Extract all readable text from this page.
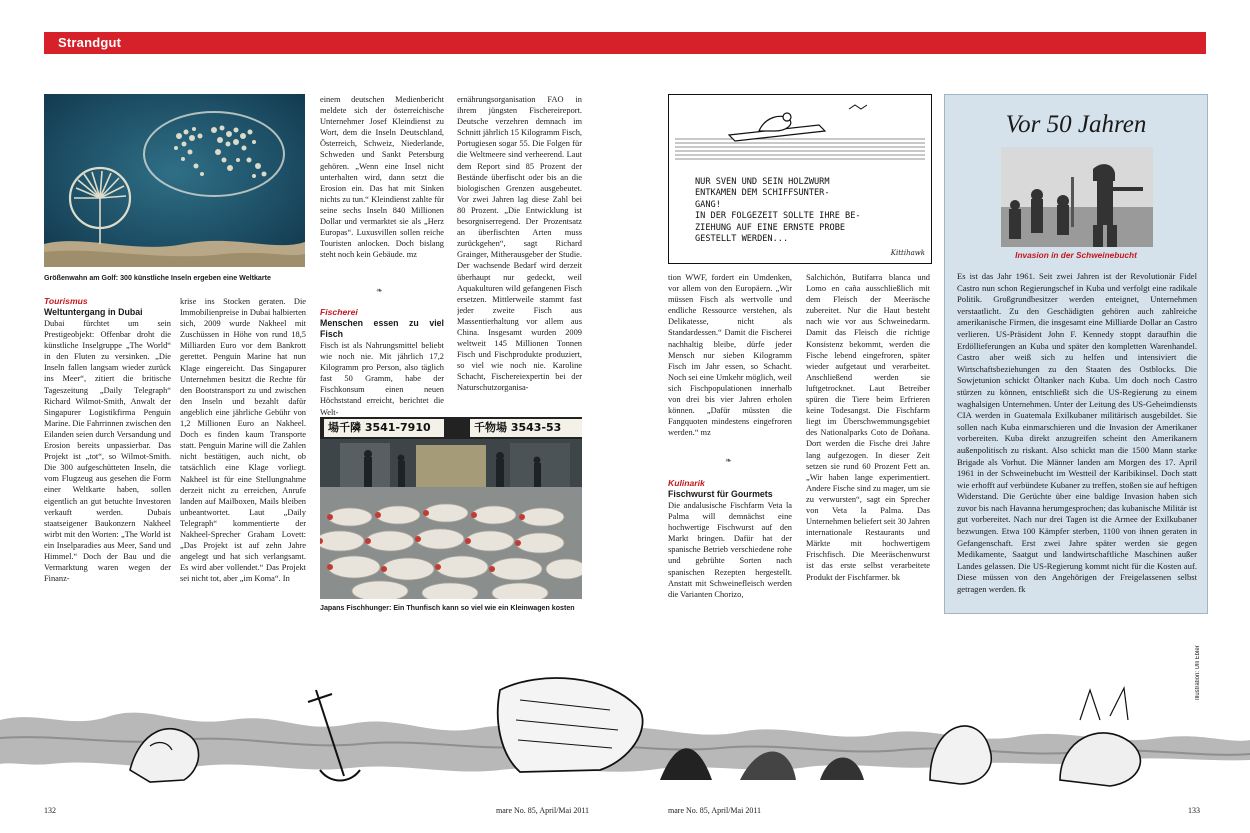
Strandgut
Größenwahn am Golf: 300 künstliche Inseln ergeben eine Weltkarte

Tourismus

Weltuntergang in Dubai

Dubai fürchtet um sein Prestigeobjekt: Offenbar droht die künstliche Inselgruppe „The World“ in den Fluten zu versinken. „Die Inseln fallen langsam wieder zurück ins Meer“, zitiert die britische Tageszeitung „Daily Telegraph“ Richard Wilmot-Smith, Anwalt der Singapurer Logistikfirma Penguin Marine. Die Fahrrinnen zwischen den Eilanden seien durch Versandung und Erosion bereits unpassierbar. Das Projekt ist „tot“, so Wilmot-Smith. Die 300 aufgeschütteten Inseln, die vom Flugzeug aus gesehen die Form einer Weltkarte haben, sollen eigentlich an gut betuchte Investoren verkauft werden. Dubais staatseigener Baukonzern Nakheel wirbt mit den Worten: „The World ist ein Inselparadies aus Meer, Sand und Himmel.“ Doch der Bau und die Vermarktung waren wegen der Finanz-

krise ins Stocken geraten. Die Immobilienpreise in Dubai halbierten sich, 2009 wurde Nakheel mit Zuschüssen in Höhe von rund 18,5 Milliarden Euro vor dem Bankrott gerettet. Penguin Marine hat nun Klage eingereicht. Das Singapurer Unternehmen besitzt die Rechte für den Bootstransport zu und zwischen den Inseln und bezahlt dafür angeblich eine jährliche Gebühr von 1,2 Millionen Euro an Nakheel. Doch es finden kaum Transporte statt. Penguin Marine will die Zahlen nicht bestätigen, auch nicht, ob tatsächlich eine Klage vorliegt. Nakheel ist für eine Stellungnahme derzeit nicht zu erreichen, Anrufe landen auf Mailboxen, Mails bleiben unbeantwortet. Laut „Daily Telegraph“ kommentierte der Nakheel-Sprecher Graham Lovett: „Das Projekt ist auf zehn Jahre angelegt und hat sich verlangsamt. Es wird aber vollendet.“ Das Projekt sei nicht tot, aber „im Koma“. In

einem deutschen Medienbericht meldete sich der österreichische Unternehmer Josef Kleindienst zu Wort, dem die Inseln Deutschland, Österreich, Schweiz, Niederlande, Schweden und Sankt Petersburg gehören. „Wenn eine Insel nicht unterhalten wird, dann setzt die Erosion ein. Das hat mit Sinken nichts zu tun.“ Kleindienst zahlte für seine sechs Inseln 840 Millionen Dollar und vermarktet sie als „Herz Europas“. Luxusvillen sollen reiche Touristen anlocken. Doch bislang steht noch kein Gebäude. mz

❧

Fischerei

Menschen essen zu viel Fisch

Fisch ist als Nahrungsmittel beliebt wie noch nie. Mit jährlich 17,2 Kilogramm pro Person, also täglich fast 50 Gramm, habe der Fischkonsum einen neuen Höchststand erreicht, berichtet die Welt-

ernährungsorganisation FAO in ihrem jüngsten Fischereireport. Deutsche verzehren demnach im Schnitt jährlich 15 Kilogramm Fisch, Portugiesen sogar 55. Die Folgen für die Weltmeere sind verheerend. Laut dem Report sind 85 Prozent der Bestände überfischt oder bis an die biologischen Grenzen ausgebeutet. Vor zwei Jahren lag diese Zahl bei 80 Prozent. „Die Entwicklung ist besorgniserregend. Der Prozentsatz an überfischten Arten muss zurückgehen“, sagt Richard Grainger, Mitherausgeber der Studie. Der wachsende Bedarf wird derzeit überhaupt nur gedeckt, weil Aquakulturen wild gefangenen Fisch ersetzen. Mittlerweile stammt fast jeder zweite Fisch aus Massentierhaltung vor allem aus China. Insgesamt wurden 2009 weltweit 145 Millionen Tonnen Fisch und Fischprodukte produziert, so viel wie noch nie. Karoline Schacht, Fischereiexpertin bei der Naturschutzorganisa-

場千隣 3541-7910	千物場 3543-53
Japans Fischhunger: Ein Thunfisch kann so viel wie ein Kleinwagen kosten
NUR SVEN UND SEIN HOLZWURM
ENTKAMEN DEM SCHIFFSUNTER-
GANG!
IN DER FOLGEZEIT SOLLTE IHRE BE-
ZIEHUNG AUF EINE ERNSTE PROBE
GESTELLT WERDEN...
Kittihawk

tion WWF, fordert ein Umdenken, vor allem von den Europäern. „Wir müssen Fisch als wertvolle und endliche Ressource verstehen, als Delikatesse, nicht als Standardessen.“ Damit die Fischerei nachhaltig bleibe, dürfe jeder Mensch nur sieben Kilogramm Fisch im Jahr essen, so Schacht. Noch sei eine Umkehr möglich, weil sich Fischpopulationen innerhalb von drei bis vier Jahren erholen können. „Dafür müssten die Fangquoten mindestens eingefroren werden.“ mz

❧

Kulinarik

Fischwurst für Gourmets

Die andalusische Fischfarm Veta la Palma will demnächst eine hochwertige Fischwurst auf den Markt bringen. Dafür hat der spanische Betrieb verschiedene rohe und gebrühte Sorten nach spanischen Rezepten hergestellt. Anstatt mit Schweinefleisch werden die Varianten Chorizo,

Salchichón, Butifarra blanca und Lomo en caña ausschließlich mit dem Fleisch der Meeräsche zubereitet. Nur die Haut besteht nach wie vor aus Schweinedarm. Damit das Fleisch die richtige Konsistenz bekommt, werden die Fische lebend eingefroren, später wieder aufgetaut und verarbeitet. Anschließend werden sie luftgetrocknet. Laut Betreiber spüren die Tiere beim Erfrieren keine Todesangst. Die Fischfarm liegt im Überschwemmungsgebiet des Nationalparks Coto de Doñana. Dort werden die Fische drei Jahre lang aufgezogen. In dieser Zeit setzen sie rund 60 Prozent Fett an. „Wir haben lange experimentiert. Andere Fische sind zu mager, um sie zu verwursten“, sagt ein Sprecher von Veta la Palma. Das Unternehmen beliefert seit 30 Jahren internationale Restaurants und Märkte mit hochwertigem Frischfisch. Die Meeräschenwurst ist das erste selbst verarbeitete Produkt der Fischfarmer. bk

Vor 50 Jahren
Invasion in der Schweinebucht

Es ist das Jahr 1961. Seit zwei Jahren ist der Revolutionär Fidel Castro nun schon Regierungschef in Kuba und verfolgt eine radikale Politik. Großgrundbesitzer werden enteignet, Unternehmen verstaatlicht. Zu den Geschädigten gehören auch zahlreiche amerikanische Firmen, die insgesamt eine Milliarde Dollar an Castro verlieren. US-Präsident John F. Kennedy stoppt daraufhin die Erdöllieferungen an Kuba und später den kompletten Warenhandel. Castro aber weiß sich zu helfen und intensiviert die Wirtschaftsbeziehungen zu den Staaten des Ostblocks. Die Sowjetunion schickt Öltanker nach Kuba. Um doch noch Castro stürzen zu können, entschließt sich die US-Regierung zu einem waghalsigen Unternehmen. Unter der Leitung des US-Geheimdiensts CIA werden in Guatemala Exilkubaner militärisch ausgebildet. Sie sollen nach Kuba einmarschieren und die Invasion der Amerikaner vorbereiten. Kuba direkt anzugreifen scheint den Amerikanern außenpolitisch zu riskant. Also schickt man die 1500 Mann starke Brigade als Vorhut. Die Männer landen am Morgen des 17. April 1961 in der Schweinebucht im Westteil der Karibikinsel. Doch statt wie erhofft auf verbündete Kubaner zu treffen, stoßen sie auf heftigen Widerstand. Die Gerüchte über eine baldige Invasion haben sich zuvor bis nach Havanna herumgesprochen; das kubanische Militär ist gut vorbereitet. Nach nur drei Tagen ist die Armee der Exilkubaner bezwungen. Etwa 100 Kämpfer sterben, 1100 von ihnen geraten in Gefangenschaft. Erst zwei Jahre später werden sie gegen Medikamente, Saatgut und landwirtschaftliche Maschinen außer Landes gelassen. Die US-Regierung kommt nicht für die Kosten auf. Diese müssen von den Angehörigen der Freigelassenen selbst getragen werden. fk

Illustration: Ulli Ebler
132	mare No. 85, April/Mai 2011	mare No. 85, April/Mai 2011	133
